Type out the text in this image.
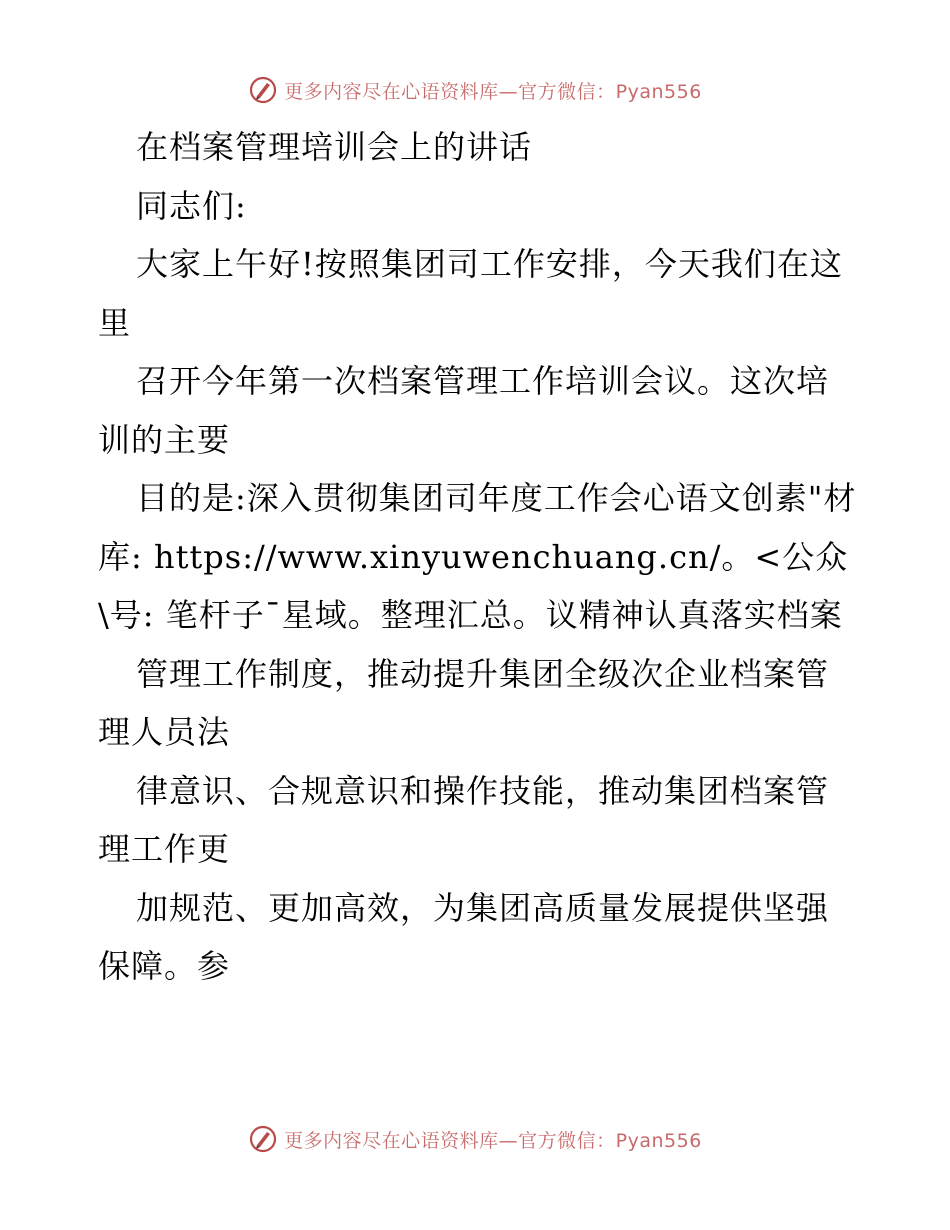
更多内容尽在心语资料库—官方微信：Pyan556

在档案管理培训会上的讲话

同志们:

大家上午好!按照集团司工作安排，今天我们在这里

召开今年第一次档案管理工作培训会议。这次培训的主要

目的是:深入贯彻集团司年度工作会心语文创素"材库: https://www.xinyuwenchuang.cn/。<公众\号: 笔杆子¯星域。整理汇总。议精神认真落实档案

管理工作制度，推动提升集团全级次企业档案管理人员法

律意识、合规意识和操作技能，推动集团档案管理工作更

加规范、更加高效，为集团高质量发展提供坚强保障。参

更多内容尽在心语资料库—官方微信：Pyan556
